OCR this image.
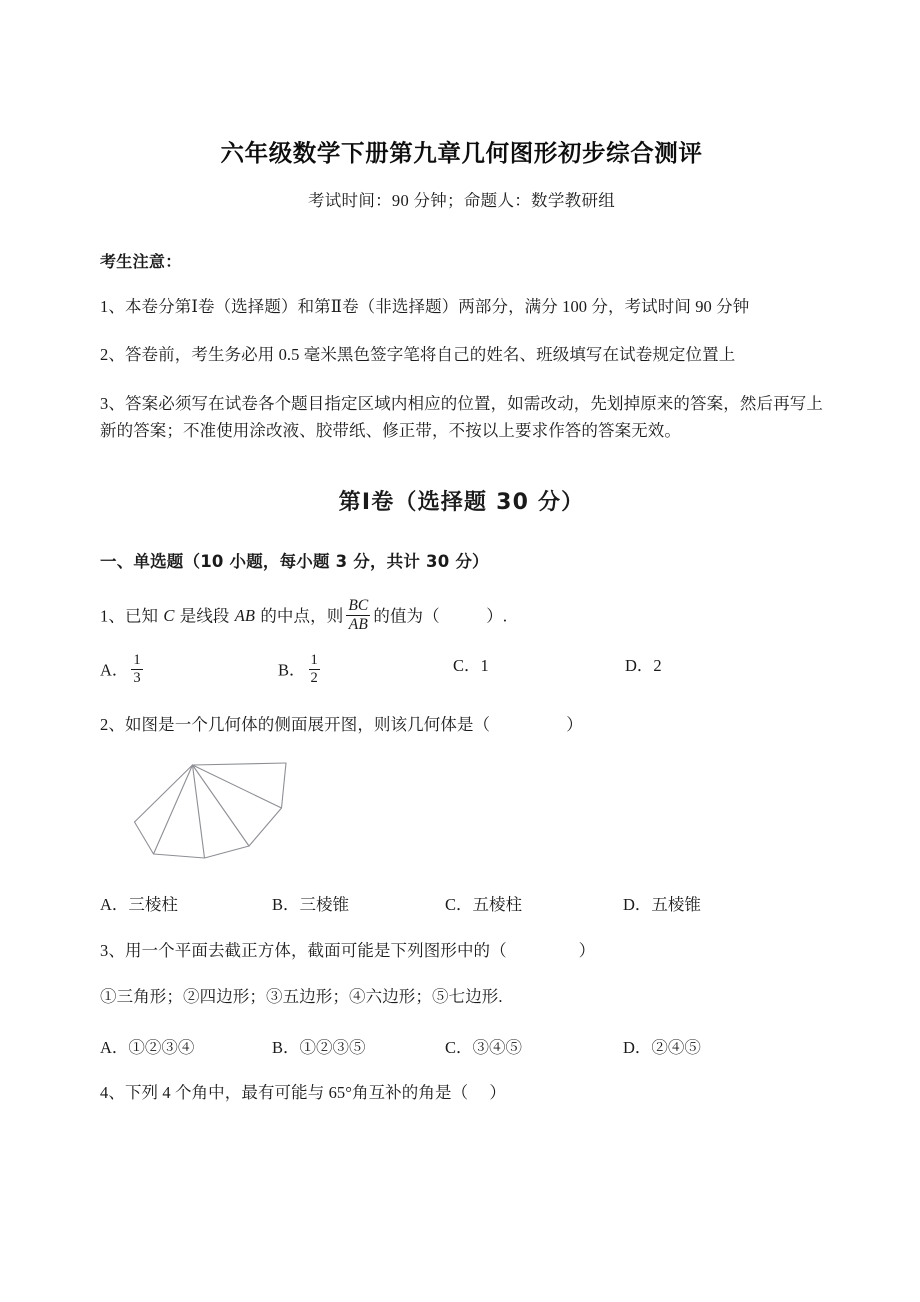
六年级数学下册第九章几何图形初步综合测评

考试时间：90 分钟；命题人：数学教研组

考生注意：

1、本卷分第Ⅰ卷（选择题）和第Ⅱ卷（非选择题）两部分，满分 100 分，考试时间 90 分钟

2、答卷前，考生务必用 0.5 毫米黑色签字笔将自己的姓名、班级填写在试卷规定位置上

3、答案必须写在试卷各个题目指定区域内相应的位置，如需改动，先划掉原来的答案，然后再写上新的答案；不准使用涂改液、胶带纸、修正带，不按以上要求作答的答案无效。

第Ⅰ卷（选择题 30 分）
一、单选题（10 小题，每小题 3 分，共计 30 分）

1、已知 C 是线段 AB 的中点，则 $\frac{BC}{AB}$ 的值为（	）.

A． $\frac{1}{3}$	B． $\frac{1}{2}$	C．1	D．2

2、如图是一个几何体的侧面展开图，则该几何体是（	）

A．三棱柱	B．三棱锥	C．五棱柱	D．五棱锥

3、用一个平面去截正方体，截面可能是下列图形中的（	）

①三角形；②四边形；③五边形；④六边形；⑤七边形.

A．①②③④	B．①②③⑤	C．③④⑤	D．②④⑤

4、下列 4 个角中，最有可能与 65°角互补的角是（ ）
